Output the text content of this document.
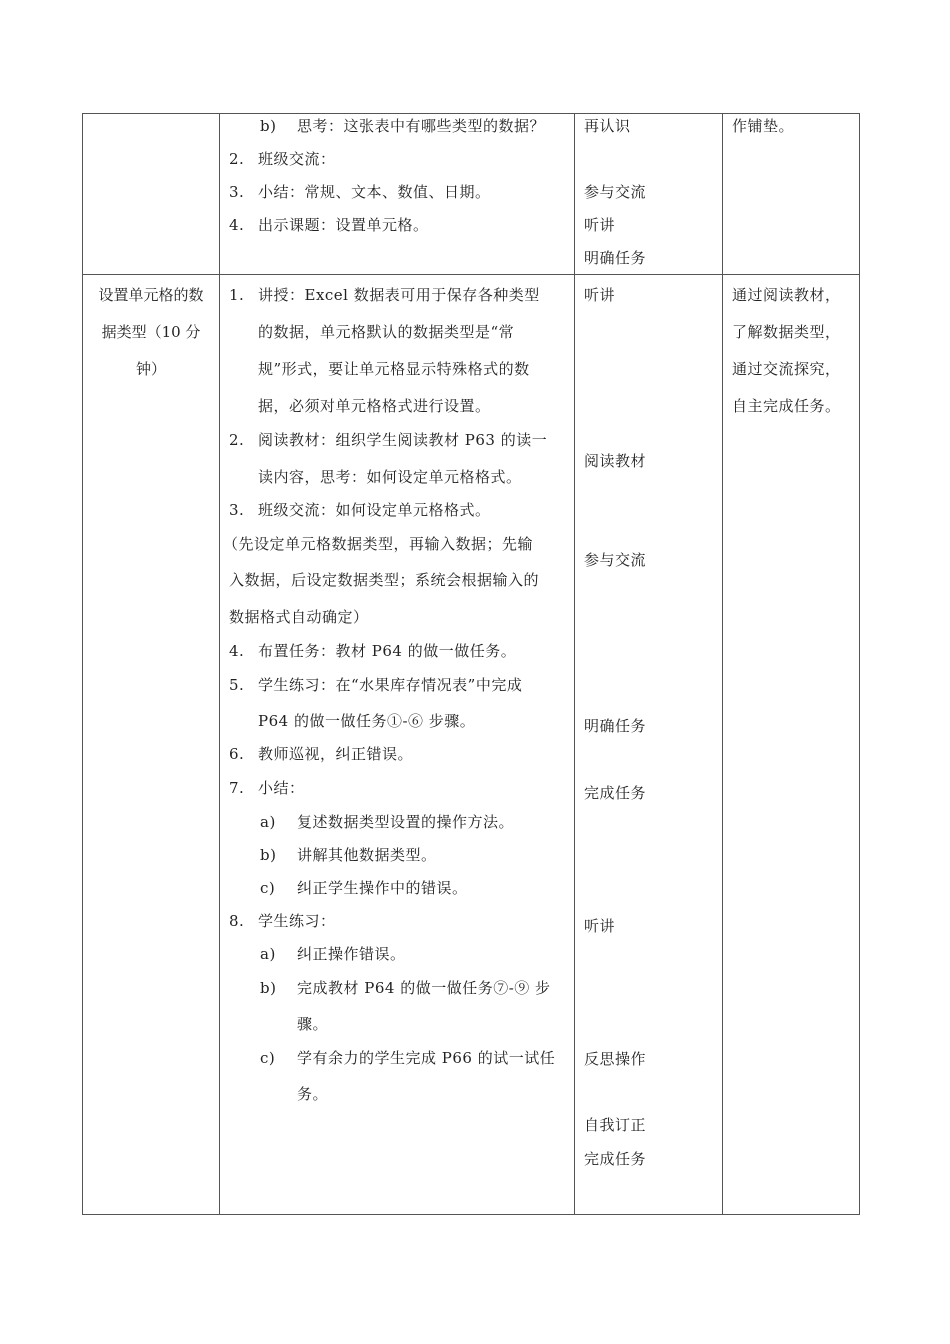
b) 思考：这张表中有哪些类型的数据？
2. 班级交流：
3. 小结：常规、文本、数值、日期。
4. 出示课题：设置单元格。
再认识
参与交流
听讲
明确任务
作铺垫。
设置单元格的数
据类型（10 分
钟）
1. 讲授：Excel 数据表可用于保存各种类型
的数据，单元格默认的数据类型是“常
规”形式，要让单元格显示特殊格式的数
据，必须对单元格格式进行设置。
2. 阅读教材：组织学生阅读教材 P63 的读一
读内容，思考：如何设定单元格格式。
3. 班级交流：如何设定单元格格式。
（先设定单元格数据类型，再输入数据；先输
入数据，后设定数据类型；系统会根据输入的
数据格式自动确定）
4. 布置任务：教材 P64 的做一做任务。
5. 学生练习：在“水果库存情况表”中完成
P64 的做一做任务①-⑥ 步骤。
6. 教师巡视，纠正错误。
7. 小结：
a) 复述数据类型设置的操作方法。
b) 讲解其他数据类型。
c) 纠正学生操作中的错误。
8. 学生练习：
a) 纠正操作错误。
b) 完成教材 P64 的做一做任务⑦-⑨ 步
骤。
c) 学有余力的学生完成 P66 的试一试任
务。
听讲
阅读教材
参与交流
明确任务
完成任务
听讲
反思操作
自我订正
完成任务
通过阅读教材，
了解数据类型，
通过交流探究，
自主完成任务。
